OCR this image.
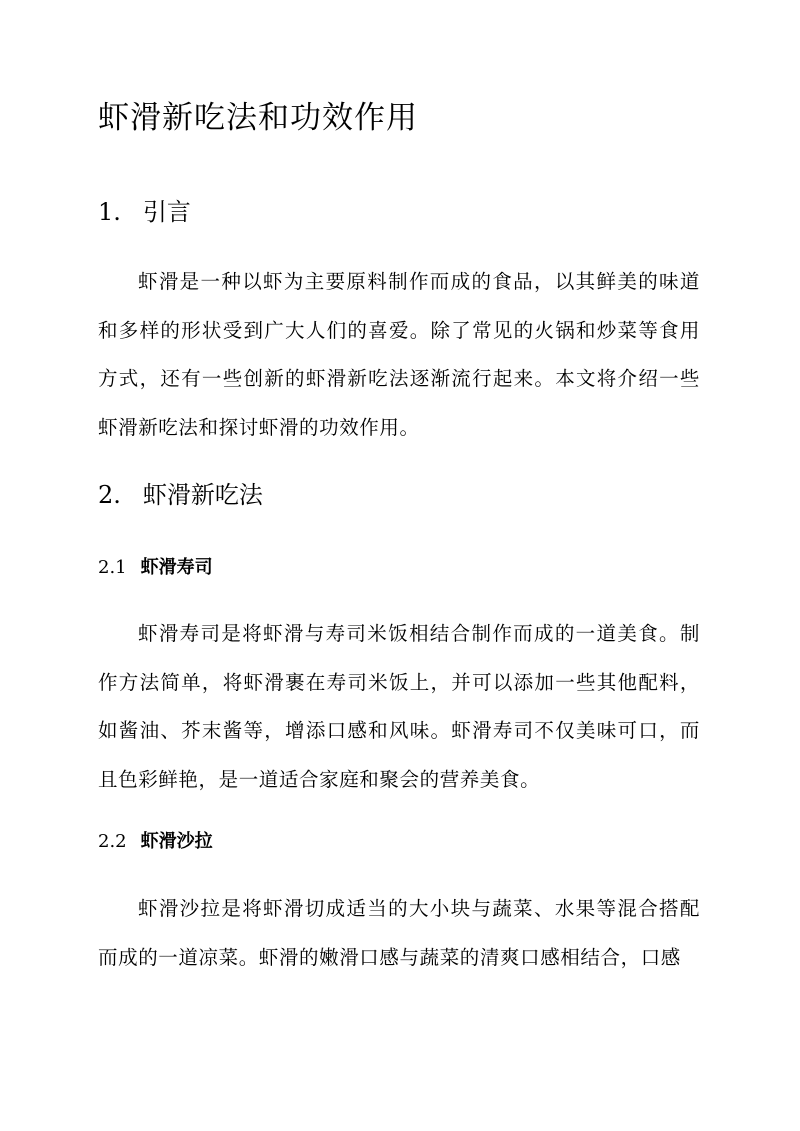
虾滑新吃法和功效作用
1. 引言

虾滑是一种以虾为主要原料制作而成的食品，以其鲜美的味道和多样的形状受到广大人们的喜爱。除了常见的火锅和炒菜等食用方式，还有一些创新的虾滑新吃法逐渐流行起来。本文将介绍一些虾滑新吃法和探讨虾滑的功效作用。

2. 虾滑新吃法
2.1 虾滑寿司

虾滑寿司是将虾滑与寿司米饭相结合制作而成的一道美食。制作方法简单，将虾滑裹在寿司米饭上，并可以添加一些其他配料，如酱油、芥末酱等，增添口感和风味。虾滑寿司不仅美味可口，而且色彩鲜艳，是一道适合家庭和聚会的营养美食。

2.2 虾滑沙拉

虾滑沙拉是将虾滑切成适当的大小块与蔬菜、水果等混合搭配而成的一道凉菜。虾滑的嫩滑口感与蔬菜的清爽口感相结合，口感
